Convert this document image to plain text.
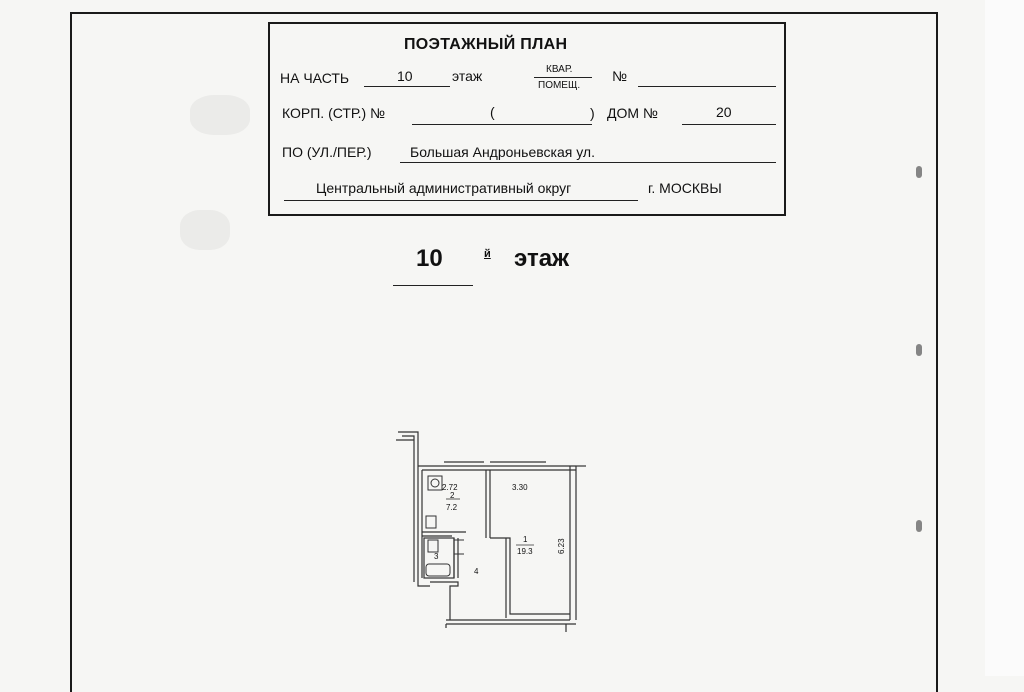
ПОЭТАЖНЫЙ ПЛАН
НА ЧАСТЬ	10	этаж	КВАР.
ПОМЕЩ.
№
КОРП. (СТР.) №	(	) ДОМ №	20
ПО (УЛ./ПЕР.)	Большая Андроньевская ул.
Центральный административный округ	г. МОСКВЫ
10	й этаж
2.72
2
7.2
3.30
1
19.3	6.23
3
4
